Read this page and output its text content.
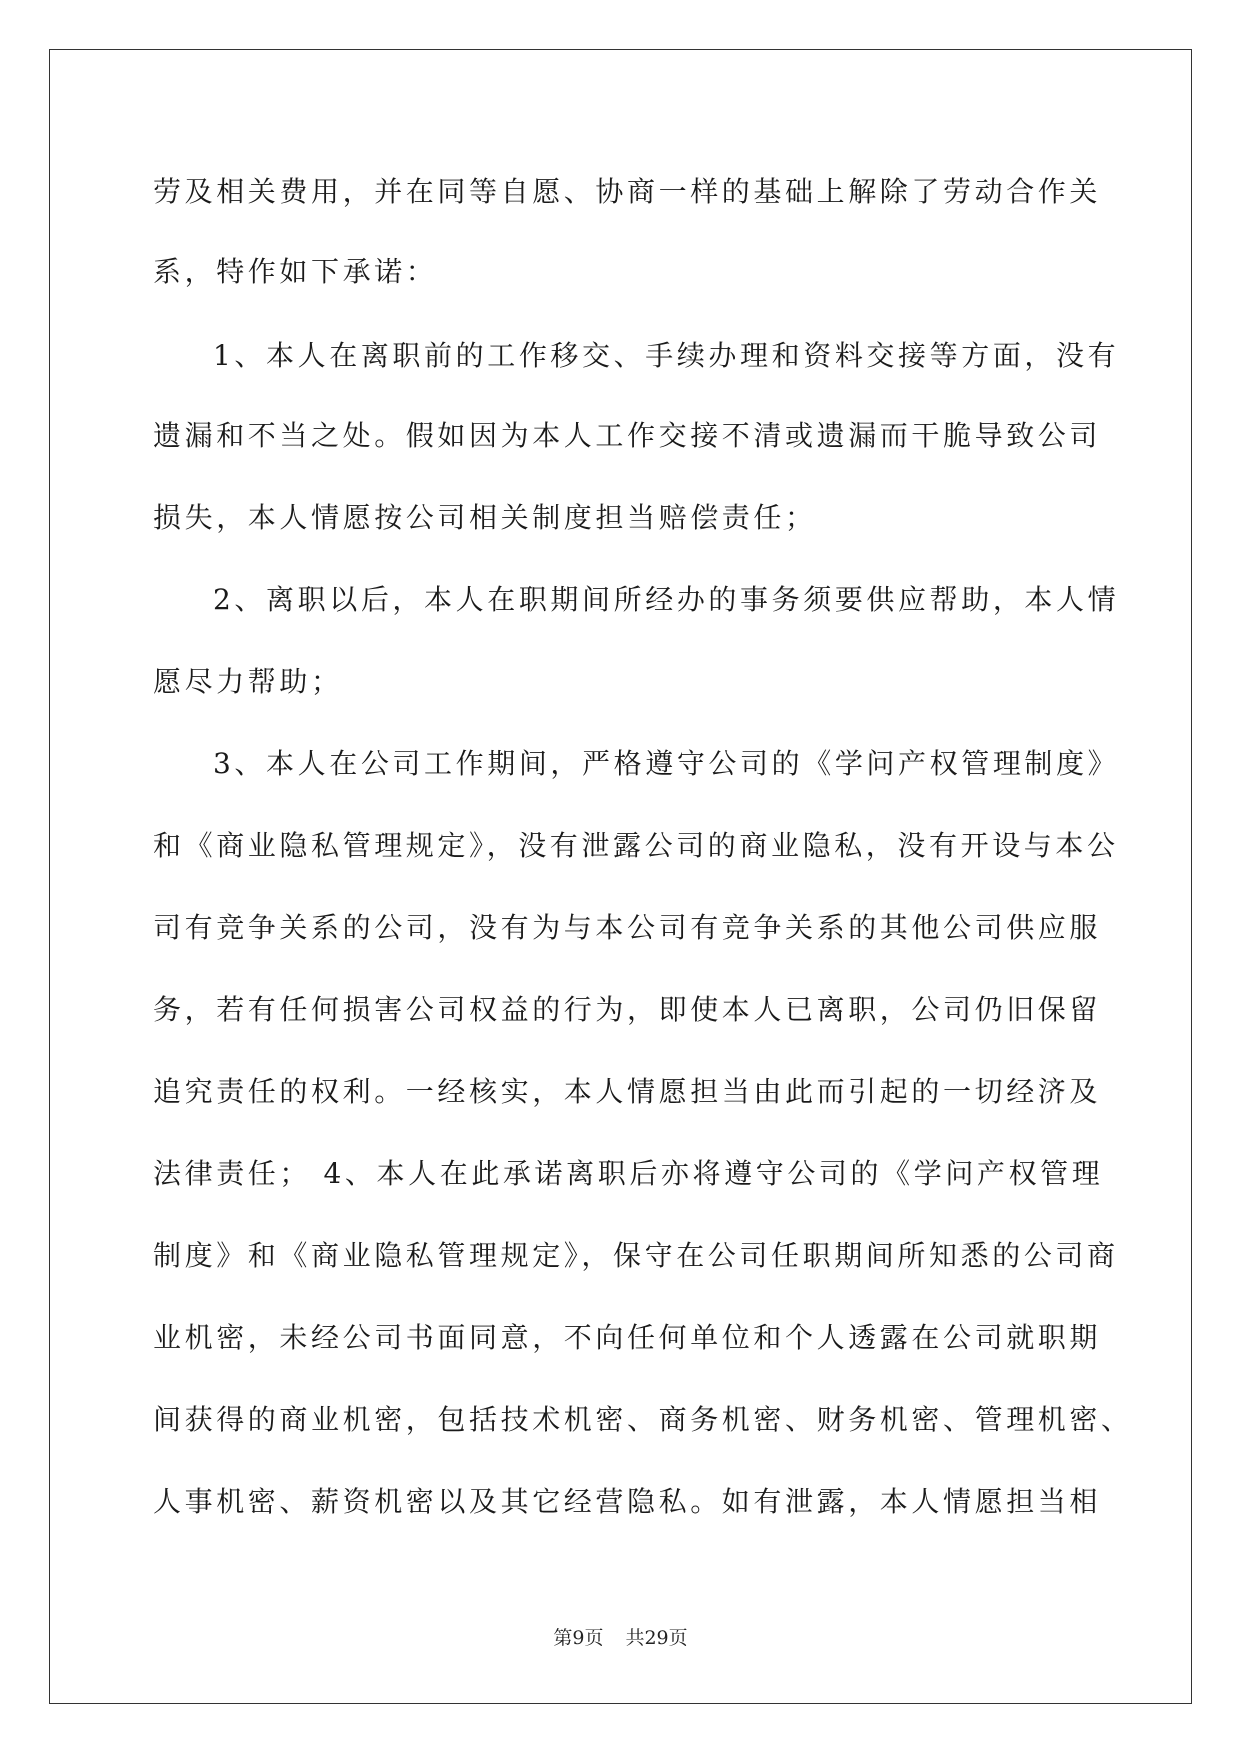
劳及相关费用，并在同等自愿、协商一样的基础上解除了劳动合作关
系，特作如下承诺：
1、本人在离职前的工作移交、手续办理和资料交接等方面，没有
遗漏和不当之处。假如因为本人工作交接不清或遗漏而干脆导致公司
损失，本人情愿按公司相关制度担当赔偿责任；
2、离职以后，本人在职期间所经办的事务须要供应帮助，本人情
愿尽力帮助；
3、本人在公司工作期间，严格遵守公司的《学问产权管理制度》
和《商业隐私管理规定》，没有泄露公司的商业隐私，没有开设与本公
司有竞争关系的公司，没有为与本公司有竞争关系的其他公司供应服
务，若有任何损害公司权益的行为，即使本人已离职，公司仍旧保留
追究责任的权利。一经核实，本人情愿担当由此而引起的一切经济及
法律责任； 4、本人在此承诺离职后亦将遵守公司的《学问产权管理
制度》和《商业隐私管理规定》，保守在公司任职期间所知悉的公司商
业机密，未经公司书面同意，不向任何单位和个人透露在公司就职期
间获得的商业机密，包括技术机密、商务机密、财务机密、管理机密、
人事机密、薪资机密以及其它经营隐私。如有泄露，本人情愿担当相
第9页 共29页
